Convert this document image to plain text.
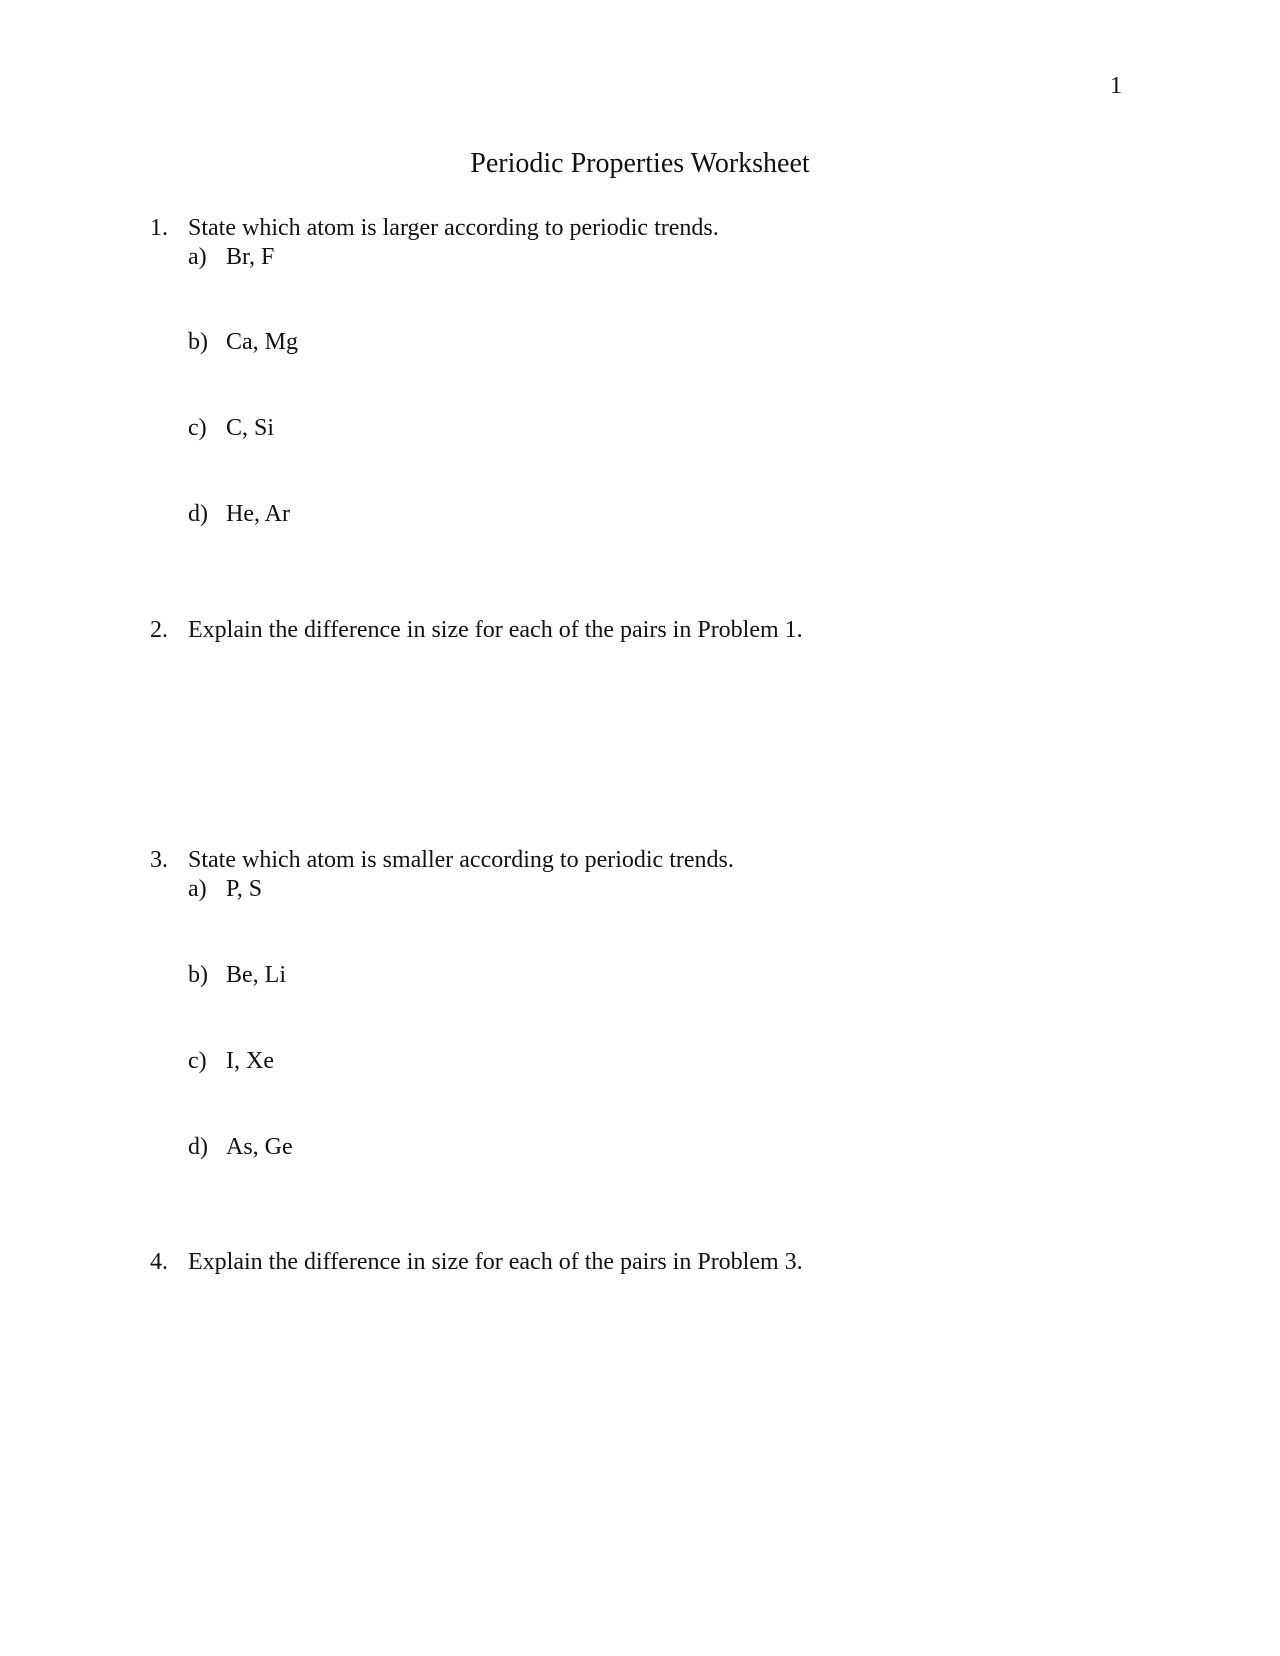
1
Periodic Properties Worksheet
1. State which atom is larger according to periodic trends.
a) Br, F
b) Ca, Mg
c) C, Si
d) He, Ar
2. Explain the difference in size for each of the pairs in Problem 1.
3. State which atom is smaller according to periodic trends.
a) P, S
b) Be, Li
c) I, Xe
d) As, Ge
4. Explain the difference in size for each of the pairs in Problem 3.
